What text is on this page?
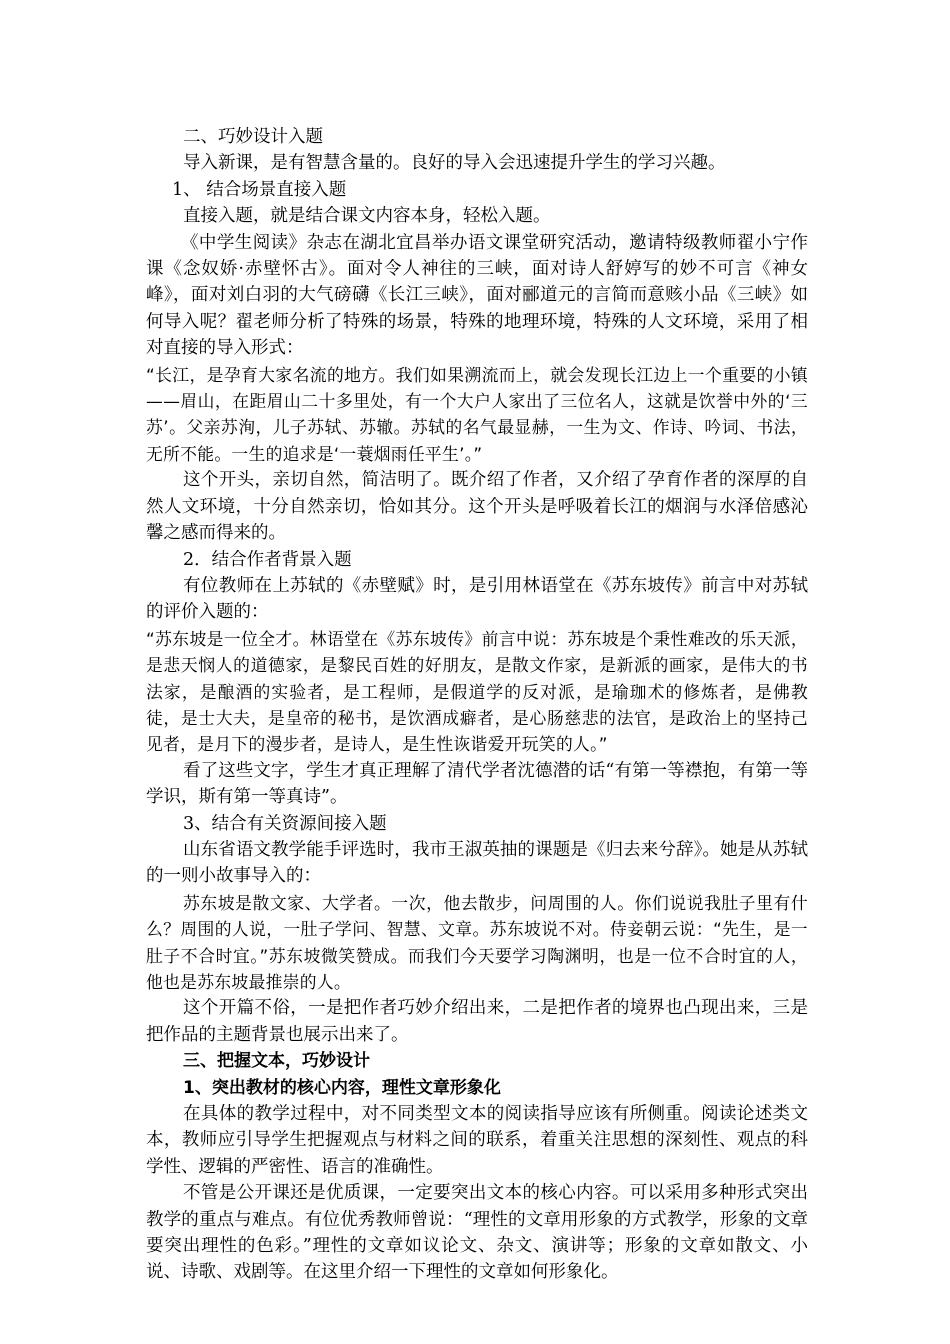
二、巧妙设计入题

导入新课，是有智慧含量的。良好的导入会迅速提升学生的学习兴趣。

1、 结合场景直接入题

直接入题，就是结合课文内容本身，轻松入题。

《中学生阅读》杂志在湖北宜昌举办语文课堂研究活动，邀请特级教师翟小宁作课《念奴娇·赤壁怀古》。面对令人神往的三峡，面对诗人舒婷写的妙不可言《神女峰》，面对刘白羽的大气磅礴《长江三峡》，面对郦道元的言简而意赅小品《三峡》如何导入呢？翟老师分析了特殊的场景，特殊的地理环境，特殊的人文环境，采用了相对直接的导入形式：

“长江，是孕育大家名流的地方。我们如果溯流而上，就会发现长江边上一个重要的小镇——眉山，在距眉山二十多里处，有一个大户人家出了三位名人，这就是饮誉中外的‘三苏’。父亲苏洵，儿子苏轼、苏辙。苏轼的名气最显赫，一生为文、作诗、吟词、书法，无所不能。一生的追求是‘一蓑烟雨任平生’。”

这个开头，亲切自然，简洁明了。既介绍了作者，又介绍了孕育作者的深厚的自然人文环境，十分自然亲切，恰如其分。这个开头是呼吸着长江的烟润与水泽倍感沁馨之感而得来的。

2．结合作者背景入题

有位教师在上苏轼的《赤壁赋》时，是引用林语堂在《苏东坡传》前言中对苏轼的评价入题的：

“苏东坡是一位全才。林语堂在《苏东坡传》前言中说：苏东坡是个秉性难改的乐天派，是悲天悯人的道德家，是黎民百姓的好朋友，是散文作家，是新派的画家，是伟大的书法家，是酿酒的实验者，是工程师，是假道学的反对派，是瑜珈术的修炼者，是佛教徒，是士大夫，是皇帝的秘书，是饮酒成癖者，是心肠慈悲的法官，是政治上的坚持己见者，是月下的漫步者，是诗人，是生性诙谐爱开玩笑的人。”

看了这些文字，学生才真正理解了清代学者沈德潜的话“有第一等襟抱，有第一等学识，斯有第一等真诗”。

3、结合有关资源间接入题

山东省语文教学能手评选时，我市王淑英抽的课题是《归去来兮辞》。她是从苏轼的一则小故事导入的：

苏东坡是散文家、大学者。一次，他去散步，问周围的人。你们说说我肚子里有什么？周围的人说，一肚子学问、智慧、文章。苏东坡说不对。侍妾朝云说：“先生，是一肚子不合时宜。”苏东坡微笑赞成。而我们今天要学习陶渊明，也是一位不合时宜的人，他也是苏东坡最推崇的人。

这个开篇不俗，一是把作者巧妙介绍出来，二是把作者的境界也凸现出来，三是把作品的主题背景也展示出来了。

三、把握文本，巧妙设计

1、突出教材的核心内容，理性文章形象化

在具体的教学过程中，对不同类型文本的阅读指导应该有所侧重。阅读论述类文本，教师应引导学生把握观点与材料之间的联系，着重关注思想的深刻性、观点的科学性、逻辑的严密性、语言的准确性。

不管是公开课还是优质课，一定要突出文本的核心内容。可以采用多种形式突出教学的重点与难点。有位优秀教师曾说：“理性的文章用形象的方式教学，形象的文章要突出理性的色彩。”理性的文章如议论文、杂文、演讲等；形象的文章如散文、小说、诗歌、戏剧等。在这里介绍一下理性的文章如何形象化。
